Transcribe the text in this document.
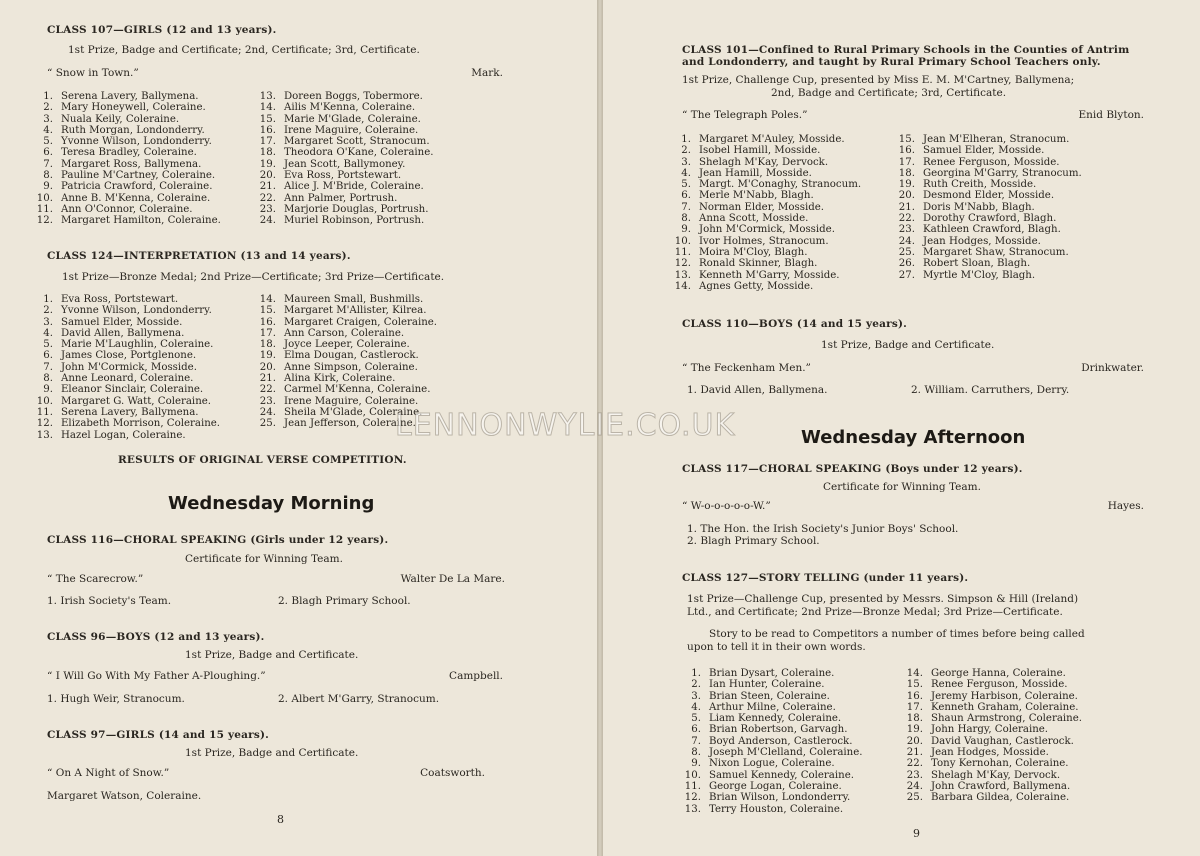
CLASS 107—GIRLS (12 and 13 years).
1st Prize, Badge and Certificate; 2nd, Certificate; 3rd, Certificate.
“ Snow in Town.”	Mark.
1. Serena Lavery, Ballymena.
2. Mary Honeywell, Coleraine.
3. Nuala Keily, Coleraine.
4. Ruth Morgan, Londonderry.
5. Yvonne Wilson, Londonderry.
6. Teresa Bradley, Coleraine.
7. Margaret Ross, Ballymena.
8. Pauline M'Cartney, Coleraine.
9. Patricia Crawford, Coleraine.
10. Anne B. M'Kenna, Coleraine.
11. Ann O'Connor, Coleraine.
12. Margaret Hamilton, Coleraine.
13. Doreen Boggs, Tobermore.
14. Ailis M'Kenna, Coleraine.
15. Marie M'Glade, Coleraine.
16. Irene Maguire, Coleraine.
17. Margaret Scott, Stranocum.
18. Theodora O'Kane, Coleraine.
19. Jean Scott, Ballymoney.
20. Eva Ross, Portstewart.
21. Alice J. M'Bride, Coleraine.
22. Ann Palmer, Portrush.
23. Marjorie Douglas, Portrush.
24. Muriel Robinson, Portrush.
CLASS 124—INTERPRETATION (13 and 14 years).
1st Prize—Bronze Medal; 2nd Prize—Certificate; 3rd Prize—Certificate.
1. Eva Ross, Portstewart.
2. Yvonne Wilson, Londonderry.
3. Samuel Elder, Mosside.
4. David Allen, Ballymena.
5. Marie M'Laughlin, Coleraine.
6. James Close, Portglenone.
7. John M'Cormick, Mosside.
8. Anne Leonard, Coleraine.
9. Eleanor Sinclair, Coleraine.
10. Margaret G. Watt, Coleraine.
11. Serena Lavery, Ballymena.
12. Elizabeth Morrison, Coleraine.
13. Hazel Logan, Coleraine.
14. Maureen Small, Bushmills.
15. Margaret M'Allister, Kilrea.
16. Margaret Craigen, Coleraine.
17. Ann Carson, Coleraine.
18. Joyce Leeper, Coleraine.
19. Elma Dougan, Castlerock.
20. Anne Simpson, Coleraine.
21. Alina Kirk, Coleraine.
22. Carmel M'Kenna, Coleraine.
23. Irene Maguire, Coleraine.
24. Sheila M'Glade, Coleraine.
25. Jean Jefferson, Coleraine.
RESULTS OF ORIGINAL VERSE COMPETITION.
Wednesday Morning
CLASS 116—CHORAL SPEAKING (Girls under 12 years).
Certificate for Winning Team.
“ The Scarecrow.”	Walter De La Mare.
1. Irish Society's Team.	2. Blagh Primary School.
CLASS 96—BOYS (12 and 13 years).
1st Prize, Badge and Certificate.
“ I Will Go With My Father A-Ploughing.”	Campbell.
1. Hugh Weir, Stranocum.	2. Albert M'Garry, Stranocum.
CLASS 97—GIRLS (14 and 15 years).
1st Prize, Badge and Certificate.
“ On A Night of Snow.”	Coatsworth.
Margaret Watson, Coleraine.
8
CLASS 101—Confined to Rural Primary Schools in the Counties of Antrim
and Londonderry, and taught by Rural Primary School Teachers only.
1st Prize, Challenge Cup, presented by Miss E. M. M'Cartney, Ballymena;
2nd, Badge and Certificate; 3rd, Certificate.
“ The Telegraph Poles.”	Enid Blyton.
1. Margaret M'Auley, Mosside.
2. Isobel Hamill, Mosside.
3. Shelagh M'Kay, Dervock.
4. Jean Hamill, Mosside.
5. Margt. M'Conaghy, Stranocum.
6. Merle M'Nabb, Blagh.
7. Norman Elder, Mosside.
8. Anna Scott, Mosside.
9. John M'Cormick, Mosside.
10. Ivor Holmes, Stranocum.
11. Moira M'Cloy, Blagh.
12. Ronald Skinner, Blagh.
13. Kenneth M'Garry, Mosside.
14. Agnes Getty, Mosside.
15. Jean M'Elheran, Stranocum.
16. Samuel Elder, Mosside.
17. Renee Ferguson, Mosside.
18. Georgina M'Garry, Stranocum.
19. Ruth Creith, Mosside.
20. Desmond Elder, Mosside.
21. Doris M'Nabb, Blagh.
22. Dorothy Crawford, Blagh.
23. Kathleen Crawford, Blagh.
24. Jean Hodges, Mosside.
25. Margaret Shaw, Stranocum.
26. Robert Sloan, Blagh.
27. Myrtle M'Cloy, Blagh.
CLASS 110—BOYS (14 and 15 years).
1st Prize, Badge and Certificate.
“ The Feckenham Men.”	Drinkwater.
1. David Allen, Ballymena.	2. William. Carruthers, Derry.
Wednesday Afternoon
CLASS 117—CHORAL SPEAKING (Boys under 12 years).
Certificate for Winning Team.
“ W-o-o-o-o-o-W.”	Hayes.
1. The Hon. the Irish Society's Junior Boys' School.
2. Blagh Primary School.
CLASS 127—STORY TELLING (under 11 years).
1st Prize—Challenge Cup, presented by Messrs. Simpson & Hill (Ireland)
Ltd., and Certificate; 2nd Prize—Bronze Medal; 3rd Prize—Certificate.
Story to be read to Competitors a number of times before being called
upon to tell it in their own words.
1. Brian Dysart, Coleraine.
2. Ian Hunter, Coleraine.
3. Brian Steen, Coleraine.
4. Arthur Milne, Coleraine.
5. Liam Kennedy, Coleraine.
6. Brian Robertson, Garvagh.
7. Boyd Anderson, Castlerock.
8. Joseph M'Clelland, Coleraine.
9. Nixon Logue, Coleraine.
10. Samuel Kennedy, Coleraine.
11. George Logan, Coleraine.
12. Brian Wilson, Londonderry.
13. Terry Houston, Coleraine.
14. George Hanna, Coleraine.
15. Renee Ferguson, Mosside.
16. Jeremy Harbison, Coleraine.
17. Kenneth Graham, Coleraine.
18. Shaun Armstrong, Coleraine.
19. John Hargy, Coleraine.
20. David Vaughan, Castlerock.
21. Jean Hodges, Mosside.
22. Tony Kernohan, Coleraine.
23. Shelagh M'Kay, Dervock.
24. John Crawford, Ballymena.
25. Barbara Gildea, Coleraine.
9
LENNONWYLIE.CO.UK
